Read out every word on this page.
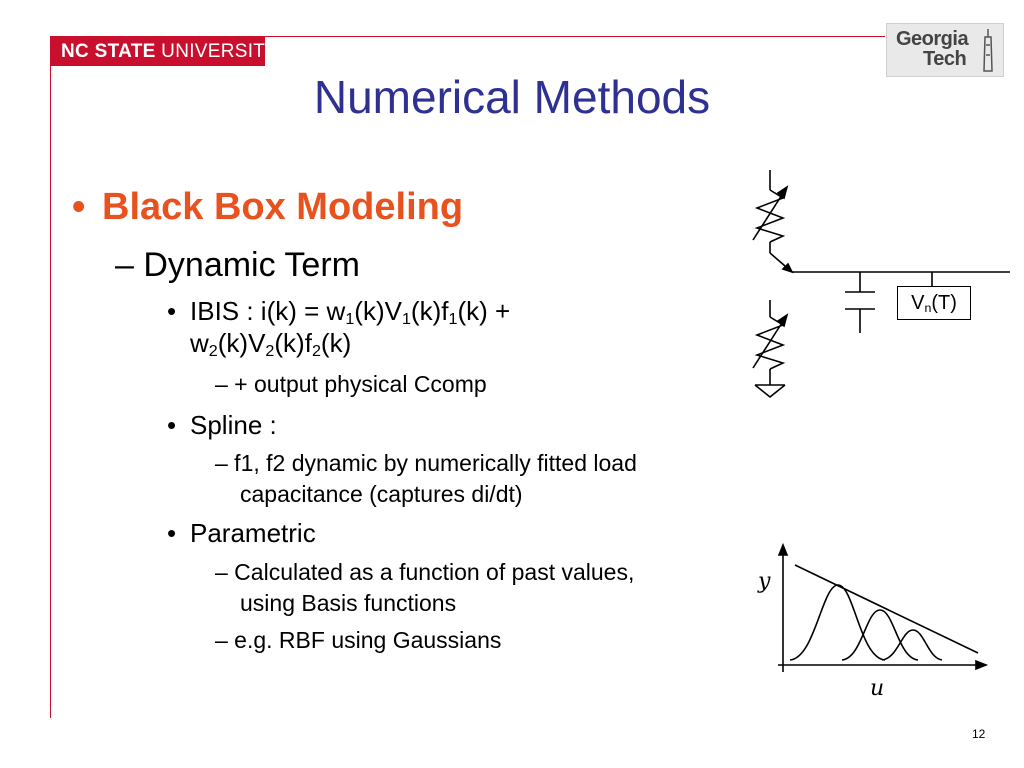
NC STATE UNIVERSITY
Georgia
Tech
Numerical Methods
• Black Box Modeling
– Dynamic Term
• IBIS : $i(k) = w_1(k)V_1(k)f_1(k)$ +
$w_2(k)V_2(k)f_2(k)$
– + output physical Ccomp
• Spline :
– f1, f2 dynamic by numerically fitted load
capacitance (captures di/dt)
• Parametric
– Calculated as a function of past values,
using Basis functions
– e.g. RBF using Gaussians
$V_n(T)$
y
u
12
